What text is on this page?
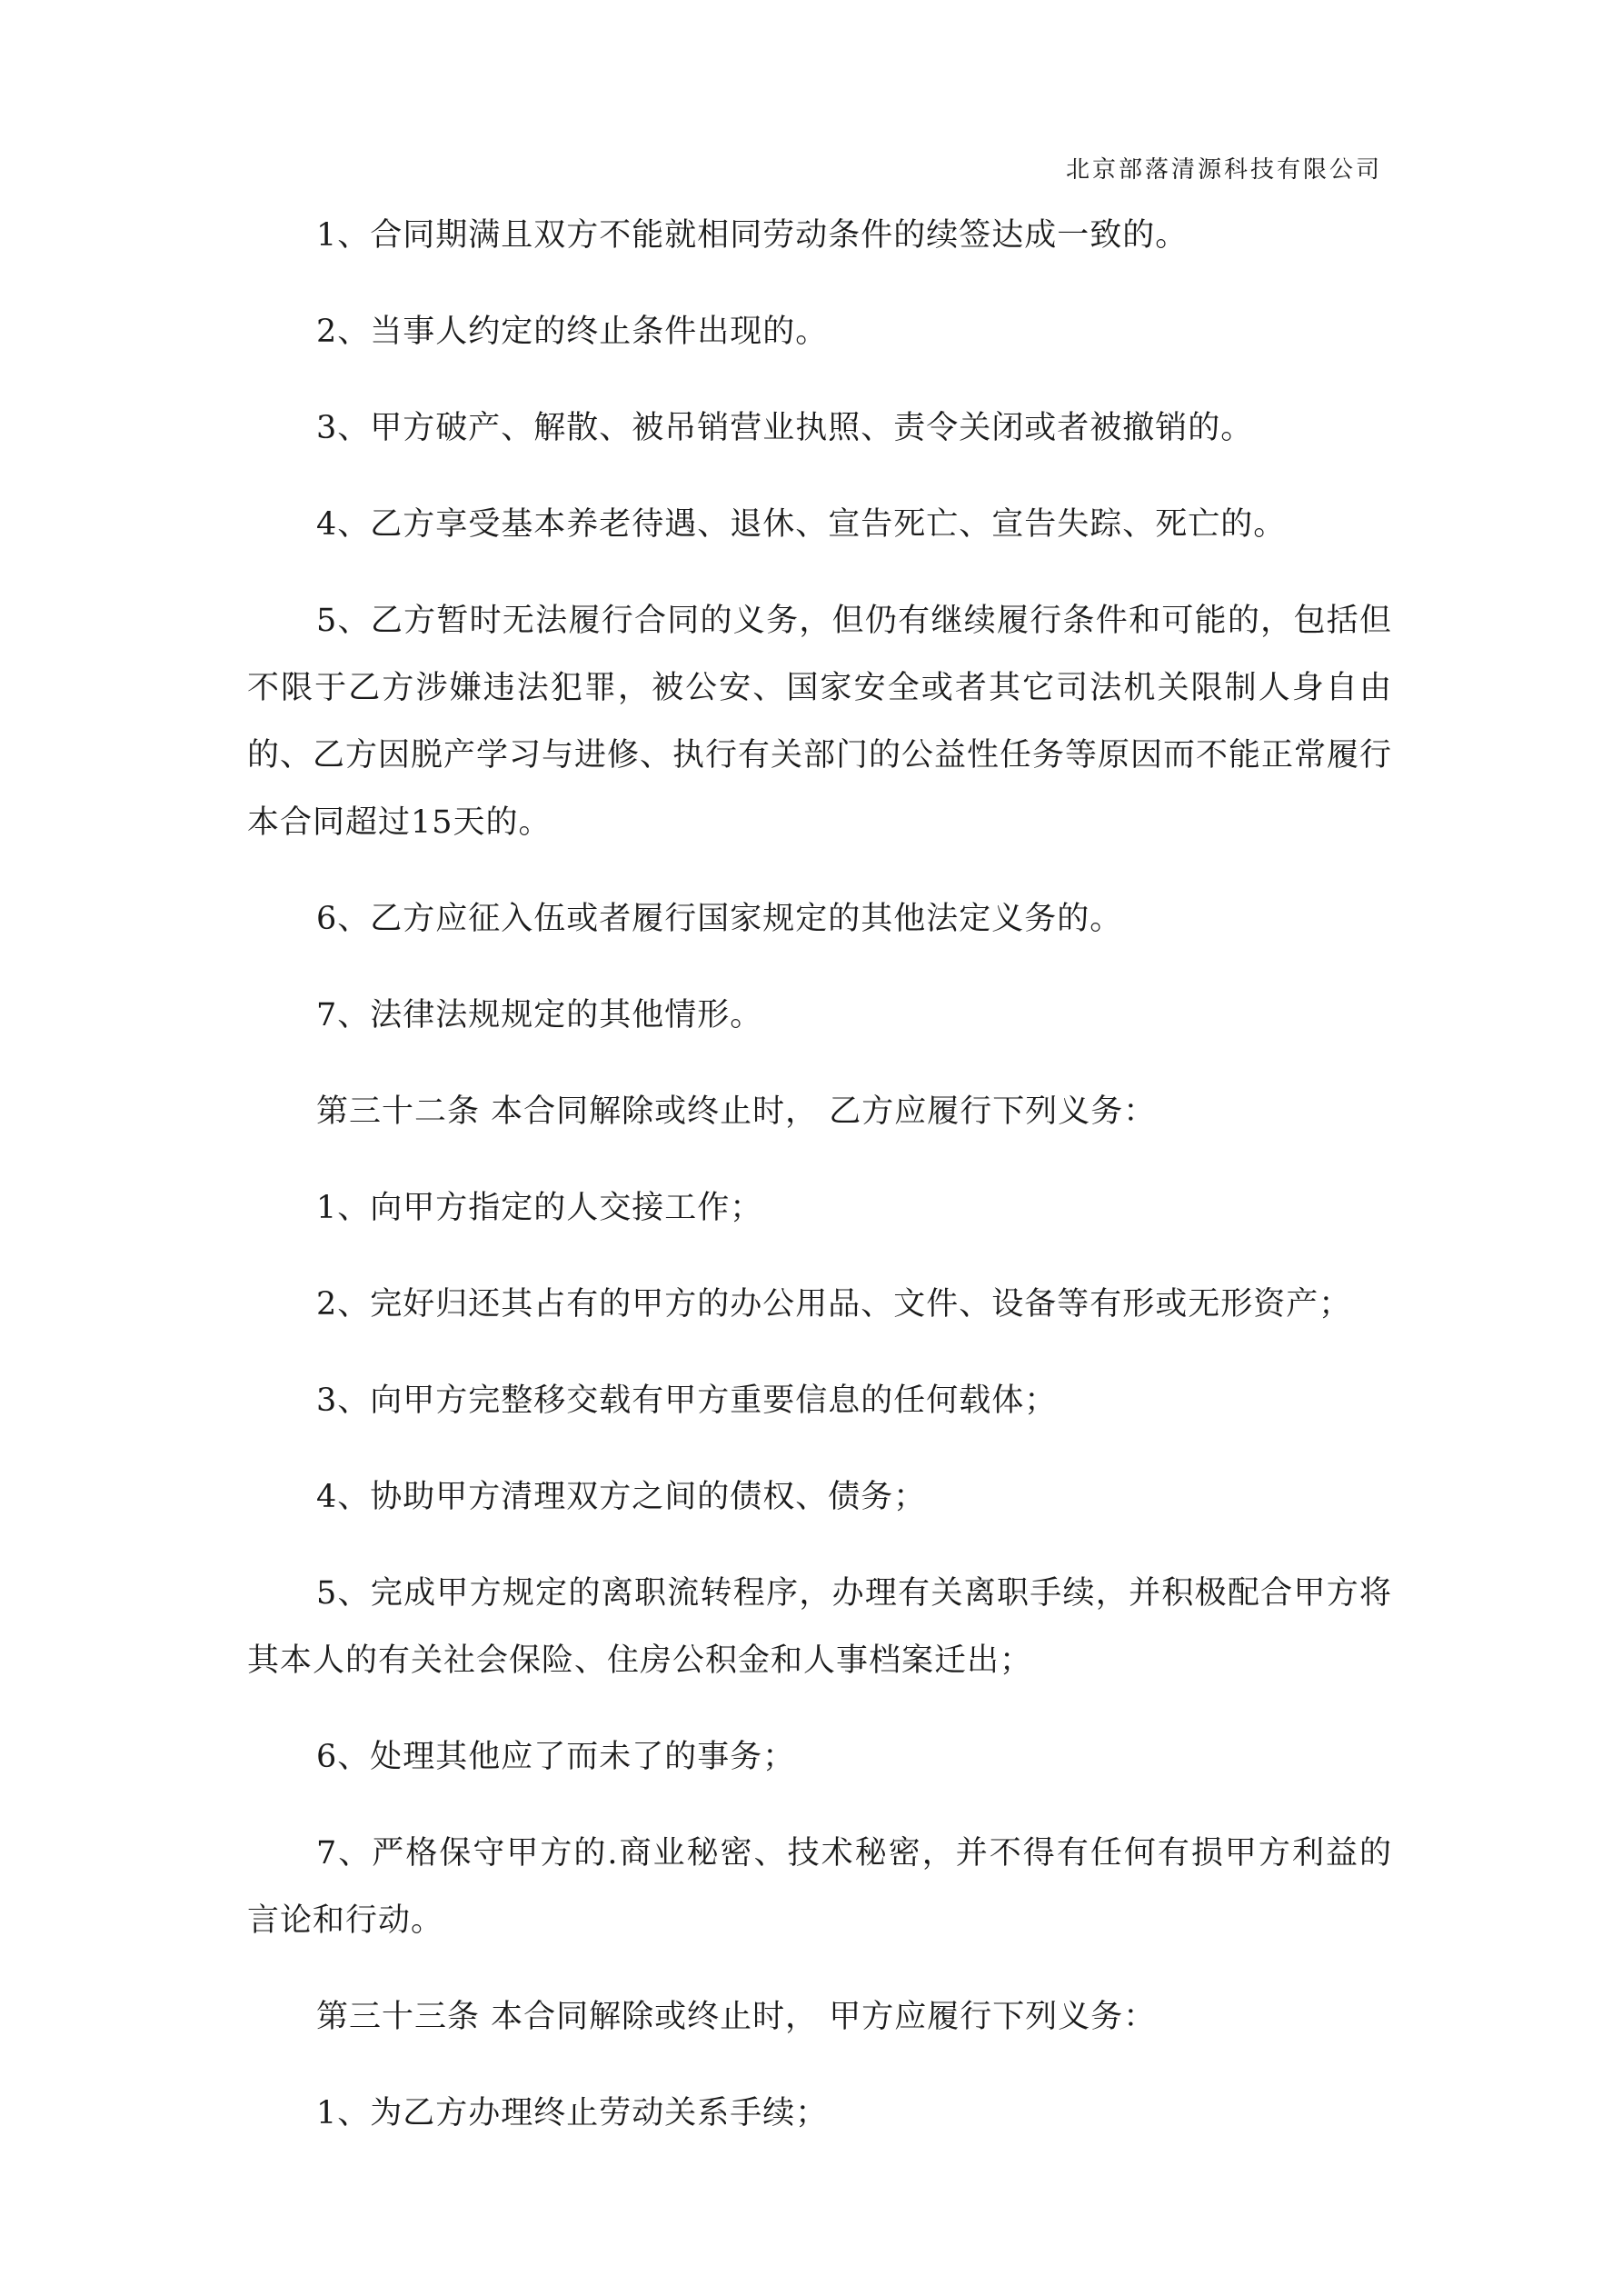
北京部落清源科技有限公司

1、合同期满且双方不能就相同劳动条件的续签达成一致的。

2、当事人约定的终止条件出现的。

3、甲方破产、解散、被吊销营业执照、责令关闭或者被撤销的。

4、乙方享受基本养老待遇、退休、宣告死亡、宣告失踪、死亡的。

5、乙方暂时无法履行合同的义务，但仍有继续履行条件和可能的，包括但不限于乙方涉嫌违法犯罪，被公安、国家安全或者其它司法机关限制人身自由的、乙方因脱产学习与进修、执行有关部门的公益性任务等原因而不能正常履行本合同超过15天的。

6、乙方应征入伍或者履行国家规定的其他法定义务的。

7、法律法规规定的其他情形。

第三十二条 本合同解除或终止时， 乙方应履行下列义务：

1、向甲方指定的人交接工作；

2、完好归还其占有的甲方的办公用品、文件、设备等有形或无形资产；

3、向甲方完整移交载有甲方重要信息的任何载体；

4、协助甲方清理双方之间的债权、债务；

5、完成甲方规定的离职流转程序，办理有关离职手续，并积极配合甲方将其本人的有关社会保险、住房公积金和人事档案迁出；

6、处理其他应了而未了的事务；

7、严格保守甲方的.商业秘密、技术秘密，并不得有任何有损甲方利益的言论和行动。

第三十三条 本合同解除或终止时， 甲方应履行下列义务：

1、为乙方办理终止劳动关系手续；
